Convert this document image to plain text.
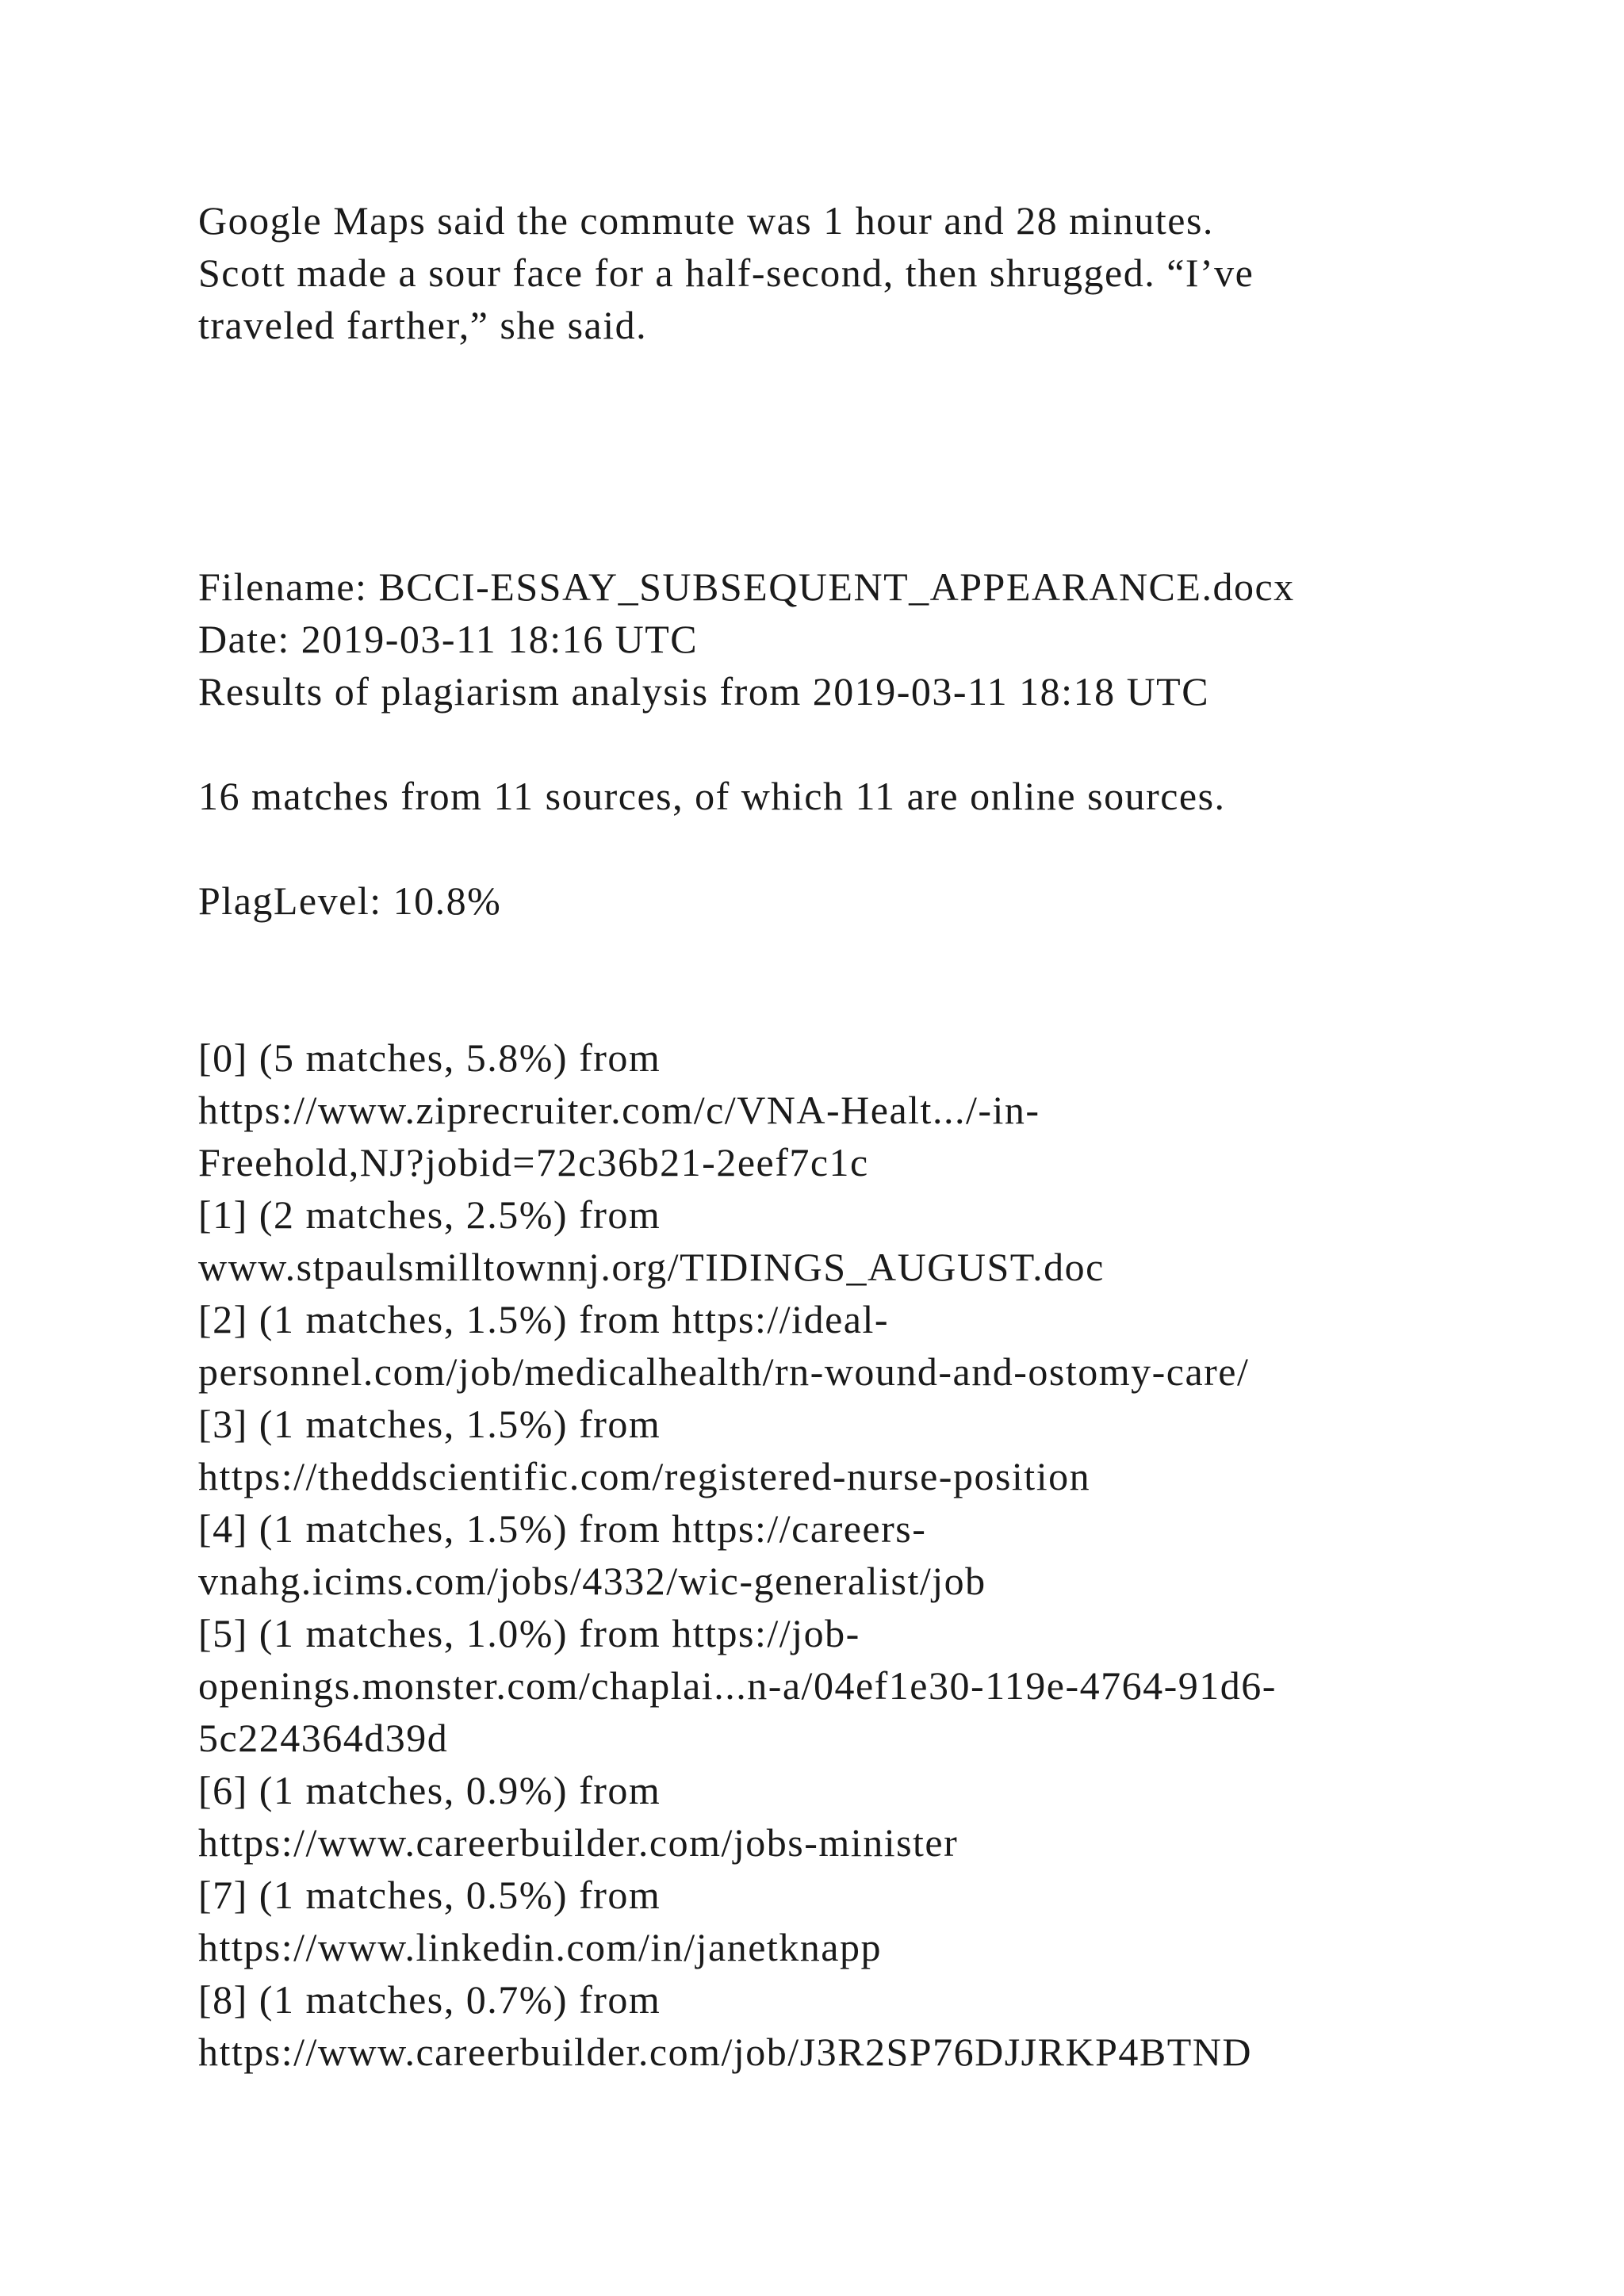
Google Maps said the commute was 1 hour and 28 minutes.
Scott made a sour face for a half-second, then shrugged. “I’ve
traveled farther,” she said.

Filename: BCCI-ESSAY_SUBSEQUENT_APPEARANCE.docx
Date: 2019-03-11 18:16 UTC
Results of plagiarism analysis from 2019-03-11 18:18 UTC

16 matches from 11 sources, of which 11 are online sources.

PlagLevel: 10.8%

[0] (5 matches, 5.8%) from
https://www.ziprecruiter.com/c/VNA-Healt.../-in-
Freehold,NJ?jobid=72c36b21-2eef7c1c
[1] (2 matches, 2.5%) from
www.stpaulsmilltownnj.org/TIDINGS_AUGUST.doc
[2] (1 matches, 1.5%) from https://ideal-
personnel.com/job/medicalhealth/rn-wound-and-ostomy-care/
[3] (1 matches, 1.5%) from
https://theddscientific.com/registered-nurse-position
[4] (1 matches, 1.5%) from https://careers-
vnahg.icims.com/jobs/4332/wic-generalist/job
[5] (1 matches, 1.0%) from https://job-
openings.monster.com/chaplai...n-a/04ef1e30-119e-4764-91d6-
5c224364d39d
[6] (1 matches, 0.9%) from
https://www.careerbuilder.com/jobs-minister
[7] (1 matches, 0.5%) from
https://www.linkedin.com/in/janetknapp
[8] (1 matches, 0.7%) from
https://www.careerbuilder.com/job/J3R2SP76DJJRKP4BTND
